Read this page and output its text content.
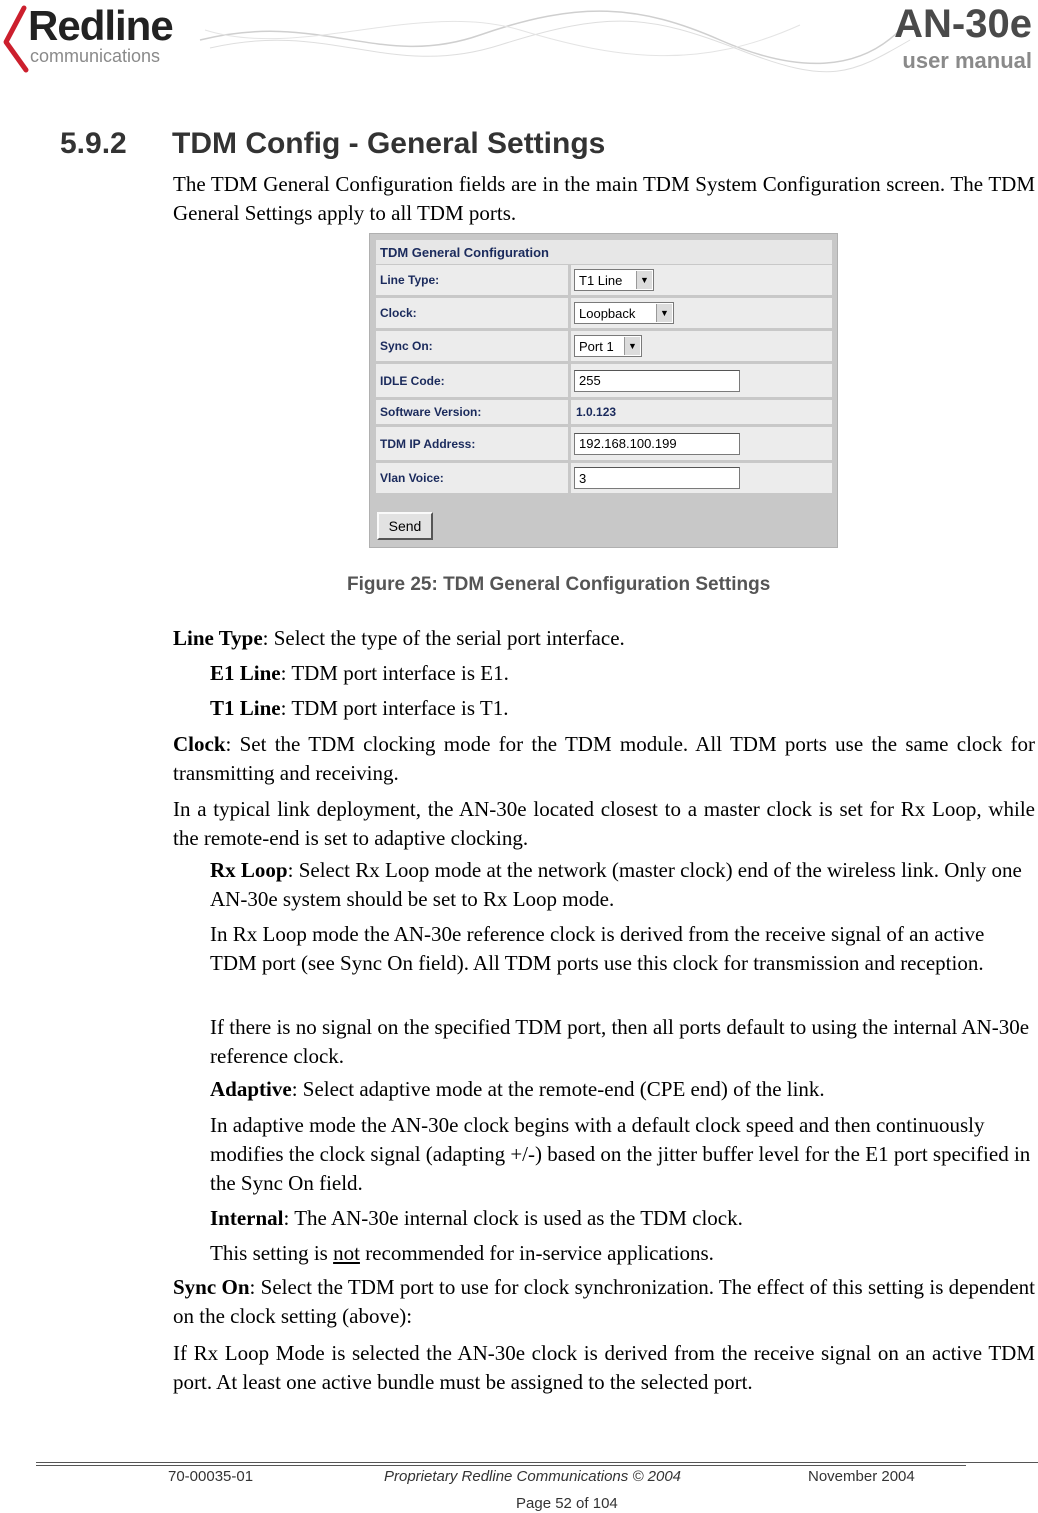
Redline
communications
AN-30e
user manual
5.9.2 TDM Config - General Settings
The TDM General Configuration fields are in the main TDM System Configuration screen. The TDM General Settings apply to all TDM ports.
TDM General Configuration
Line Type:	T1 Line	▼
Clock:	Loopback	▼
Sync On:	Port 1	▼
IDLE Code:	255
Software Version:	1.0.123
TDM IP Address:	192.168.100.199
Vlan Voice:	3
Send
Figure 25: TDM General Configuration Settings
Line Type: Select the type of the serial port interface.
E1 Line: TDM port interface is E1.
T1 Line: TDM port interface is T1.
Clock: Set the TDM clocking mode for the TDM module. All TDM ports use the same clock for transmitting and receiving.
In a typical link deployment, the AN-30e located closest to a master clock is set for Rx Loop, while the remote-end is set to adaptive clocking.
Rx Loop: Select Rx Loop mode at the network (master clock) end of the wireless link. Only one AN-30e system should be set to Rx Loop mode.
In Rx Loop mode the AN-30e reference clock is derived from the receive signal of an active TDM port (see Sync On field). All TDM ports use this clock for transmission and reception.
If there is no signal on the specified TDM port, then all ports default to using the internal AN-30e reference clock.
Adaptive: Select adaptive mode at the remote-end (CPE end) of the link.
In adaptive mode the AN-30e clock begins with a default clock speed and then continuously modifies the clock signal (adapting +/-) based on the jitter buffer level for the E1 port specified in the Sync On field.
Internal: The AN-30e internal clock is used as the TDM clock.
This setting is not recommended for in-service applications.
Sync On: Select the TDM port to use for clock synchronization. The effect of this setting is dependent on the clock setting (above):
If Rx Loop Mode is selected the AN-30e clock is derived from the receive signal on an active TDM port. At least one active bundle must be assigned to the selected port.
70-00035-01	Proprietary Redline Communications © 2004	November 2004
Page 52 of 104
